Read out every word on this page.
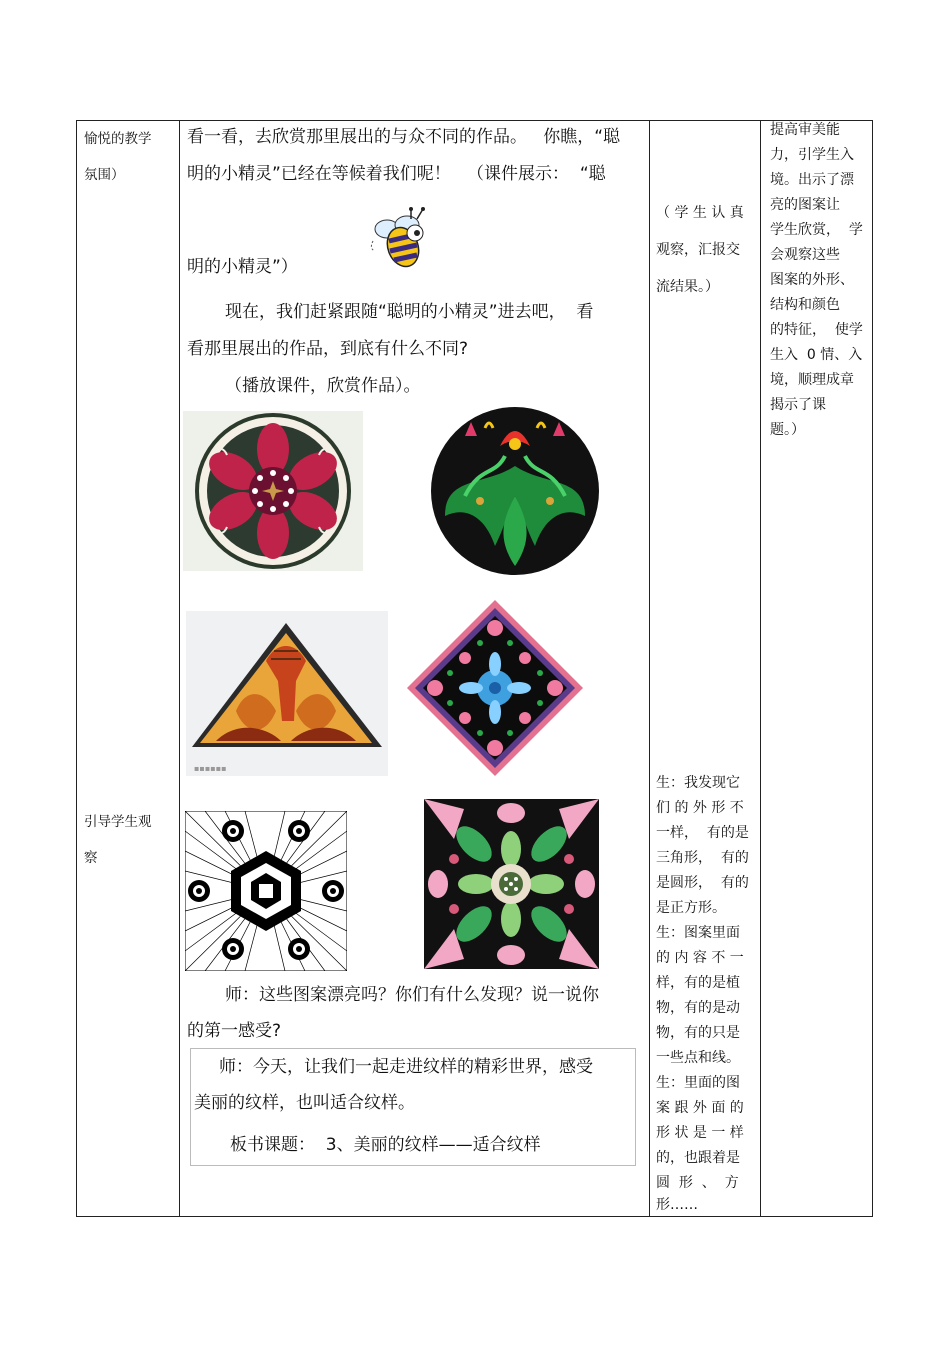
愉悦的教学

氛围）

引导学生观

察

看一看，去欣赏那里展出的与众不同的作品。   你瞧，“聪

明的小精灵”已经在等候着我们呢！   （课件展示：  “聪

明的小精灵”）

现在，我们赶紧跟随“聪明的小精灵”进去吧，  看

看那里展出的作品，到底有什么不同?

（播放课件，欣赏作品）。

▪▪▪▪▪▪

师：这些图案漂亮吗？你们有什么发现？说一说你

的第一感受?

师：今天，让我们一起走进纹样的精彩世界，感受

美丽的纹样，也叫适合纹样。

板书课题：  3、美丽的纹样——适合纹样

（ 学 生 认 真

观察，汇报交

流结果。）

生：我发现它

们 的 外 形 不

一样，  有的是

三角形，  有的

是圆形，  有的

是正方形。

生：图案里面

的 内 容 不 一

样，有的是植

物，有的是动

物，有的只是

一些点和线。

生：里面的图

案 跟 外 面 的

形 状 是 一 样

的，也跟着是

圆  形  、  方

形……

提高审美能

力，引学生入

境。出示了漂

亮的图案让

学生欣赏，  学

会观察这些

图案的外形、

结构和颜色

的特征，  使学

生入  0 情、入

境，顺理成章

揭示了课

题。）
